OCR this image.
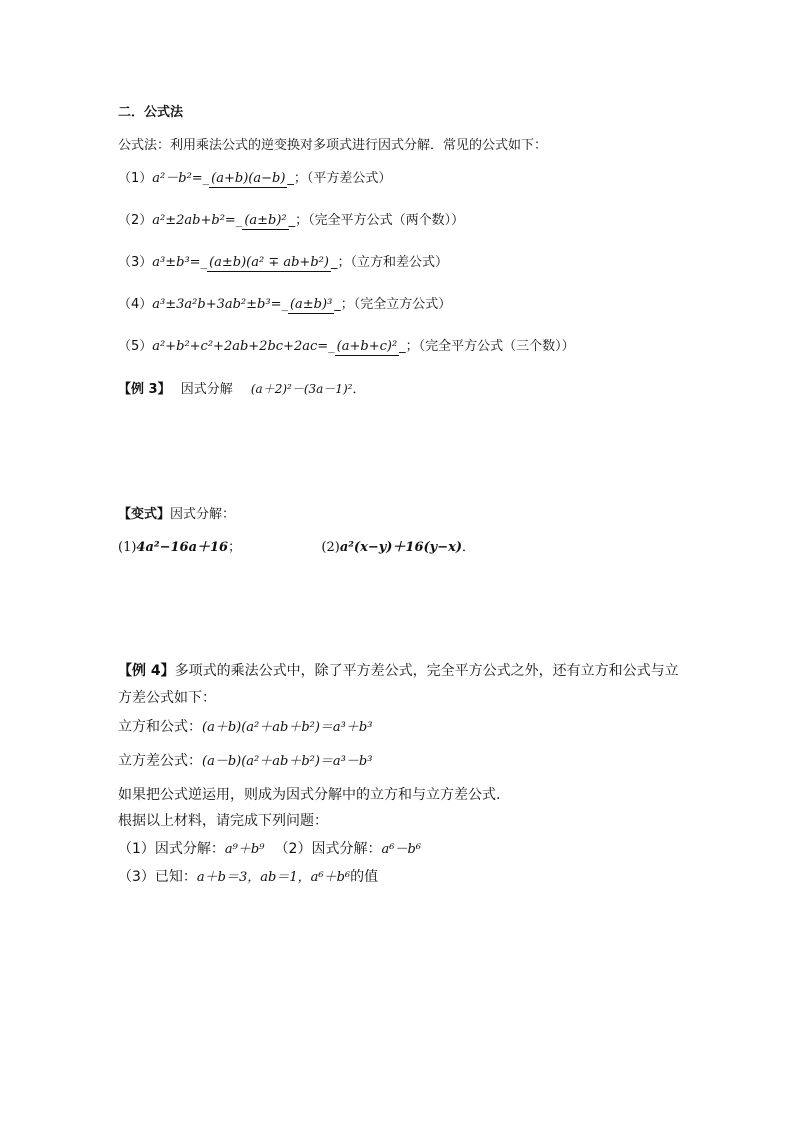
二．公式法
公式法：利用乘法公式的逆变换对多项式进行因式分解．常见的公式如下：
（1）a²－b²=_ (a+b)(a−b) _；（平方差公式）
（2）a²±2ab+b²=_ (a±b)² _；（完全平方公式（两个数））
（3）a³±b³=_ (a±b)(a² ∓ ab+b²) _；（立方和差公式）
（4）a³±3a²b+3ab²±b³=_ (a±b)³ _；（完全立方公式）
（5）a²+b²+c²+2ab+2bc+2ac=_ (a+b+c)² _；（完全平方公式（三个数））
【例 3】 因式分解 (a＋2)²－(3a－1)²．
【变式】因式分解：
(1)4a²−16a＋16；	(2)a²(x−y)＋16(y−x)．
【例 4】多项式的乘法公式中，除了平方差公式，完全平方公式之外，还有立方和公式与立
方差公式如下：
立方和公式：(a＋b)(a²＋ab＋b²)＝a³＋b³
立方差公式：(a－b)(a²＋ab＋b²)＝a³－b³
如果把公式逆运用，则成为因式分解中的立方和与立方差公式.
根据以上材料，请完成下列问题：
（1）因式分解：a⁹＋b⁹ （2）因式分解：a⁶－b⁶
（3）已知：a＋b＝3，ab＝1，a⁶＋b⁶的值
